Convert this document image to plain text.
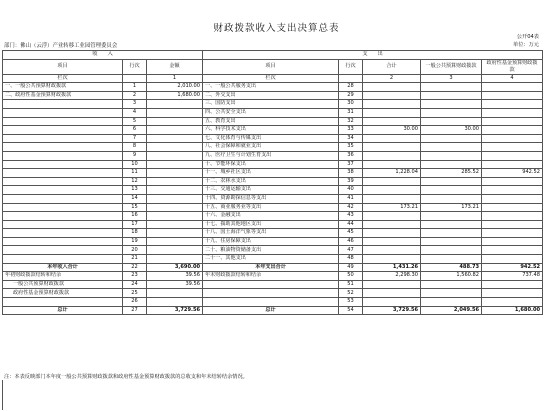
财政拨款收入支出决算总表
公开04表
部门：佛山（云浮）产业转移工业园管理委员会	单位：万元
收　　入			支　　出				
项目	行次	金额	项目	行次	合计	一般公共预算财政拨款	政府性基金预算财政拨款
栏次		1	栏次		2	3	4
一、一般公共预算财政拨款	1	2,010.00	一、一般公共服务支出	28			
二、政府性基金预算财政拨款	2	1,680.00	二、外交支出	29			
	3		三、国防支出	30			
	4		四、公共安全支出	31			
	5		五、教育支出	32			
	6		六、科学技术支出	33	30.00	30.00	
	7		七、文化体育与传媒支出	34			
	8		八、社会保障和就业支出	35			
	9		九、医疗卫生与计划生育支出	36			
	10		十、节能环保支出	37			
	11		十一、城乡社区支出	38	1,228.04	285.52	942.52
	12		十二、农林水支出	39			
	13		十三、交通运输支出	40			
	14		十四、资源勘探信息等支出	41			
	15		十五、商业服务业等支出	42	173.21	173.21	
	16		十六、金融支出	43			
	17		十七、援助其他地区支出	44			
	18		十八、国土海洋气象等支出	45			
	19		十九、住房保障支出	46			
	20		二十、粮油物资储备支出	47			
	21		二十一、其他支出	48			
本年收入合计	22	3,690.00	本年支出合计	49	1,431.26	488.73	942.52
年初财政拨款结转和结余	23	39.56	年末财政拨款结转和结余	50	2,298.30	1,560.82	737.48
一般公共预算财政拨款	24	39.56		51			
政府性基金预算财政拨款	25			52			
	26			53			
总计	27	3,729.56	总计	54	3,729.56	2,049.56	1,680.00
注：本表反映部门本年度一般公共预算财政拨款和政府性基金预算财政拨款的总收支和年末结转结余情况。
